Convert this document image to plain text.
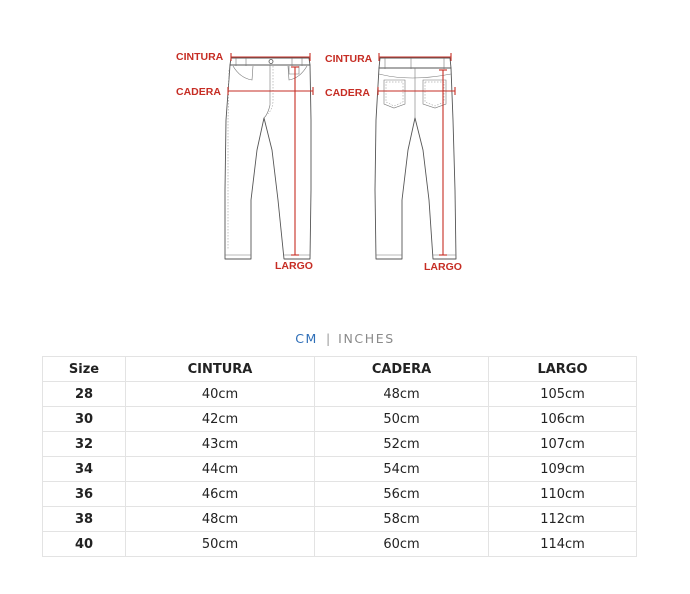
CINTURA
CADERA
LARGO
CINTURA
CADERA
LARGO
CM | INCHES
Size	CINTURA	CADERA	LARGO
28	40cm	48cm	105cm
30	42cm	50cm	106cm
32	43cm	52cm	107cm
34	44cm	54cm	109cm
36	46cm	56cm	110cm
38	48cm	58cm	112cm
40	50cm	60cm	114cm
